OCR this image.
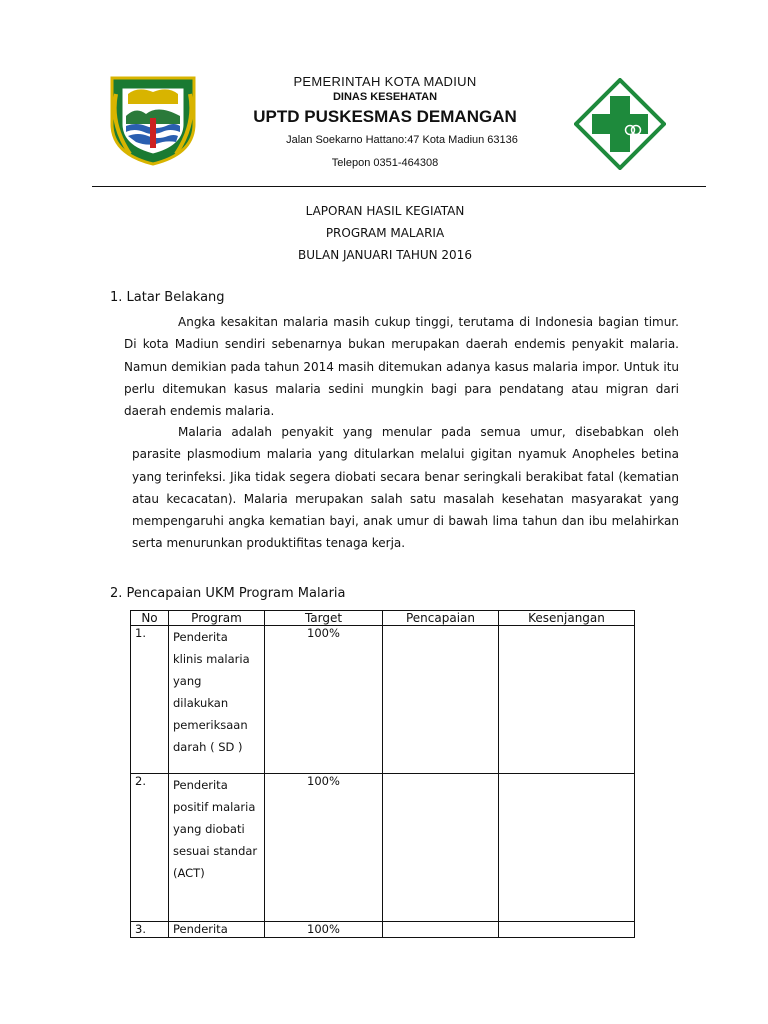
PEMERINTAH KOTA MADIUN
DINAS KESEHATAN
UPTD PUSKESMAS DEMANGAN
Jalan Soekarno Hattano:47 Kota Madiun 63136
Telepon 0351-464308
LAPORAN HASIL KEGIATAN
PROGRAM MALARIA
BULAN JANUARI TAHUN 2016
1. Latar Belakang
Angka kesakitan malaria masih cukup tinggi, terutama di Indonesia bagian timur. Di kota Madiun sendiri sebenarnya bukan merupakan daerah endemis penyakit malaria. Namun demikian pada tahun 2014 masih ditemukan adanya kasus malaria impor. Untuk itu perlu ditemukan kasus malaria sedini mungkin bagi para pendatang atau migran dari daerah endemis malaria.
Malaria adalah penyakit yang menular pada semua umur, disebabkan oleh parasite plasmodium malaria yang ditularkan melalui gigitan nyamuk Anopheles betina yang terinfeksi. Jika tidak segera diobati secara benar seringkali berakibat fatal (kematian atau kecacatan). Malaria merupakan salah satu masalah kesehatan masyarakat yang mempengaruhi angka kematian bayi, anak umur di bawah lima tahun dan ibu melahirkan serta menurunkan produktifitas tenaga kerja.
2. Pencapaian UKM Program Malaria
No	Program	Target	Pencapaian	Kesenjangan
1.	Penderita klinis malaria yang dilakukan pemeriksaan darah ( SD )	100%		
2.	Penderita positif malaria yang diobati sesuai standar (ACT)	100%		
3.	Penderita	100%		
